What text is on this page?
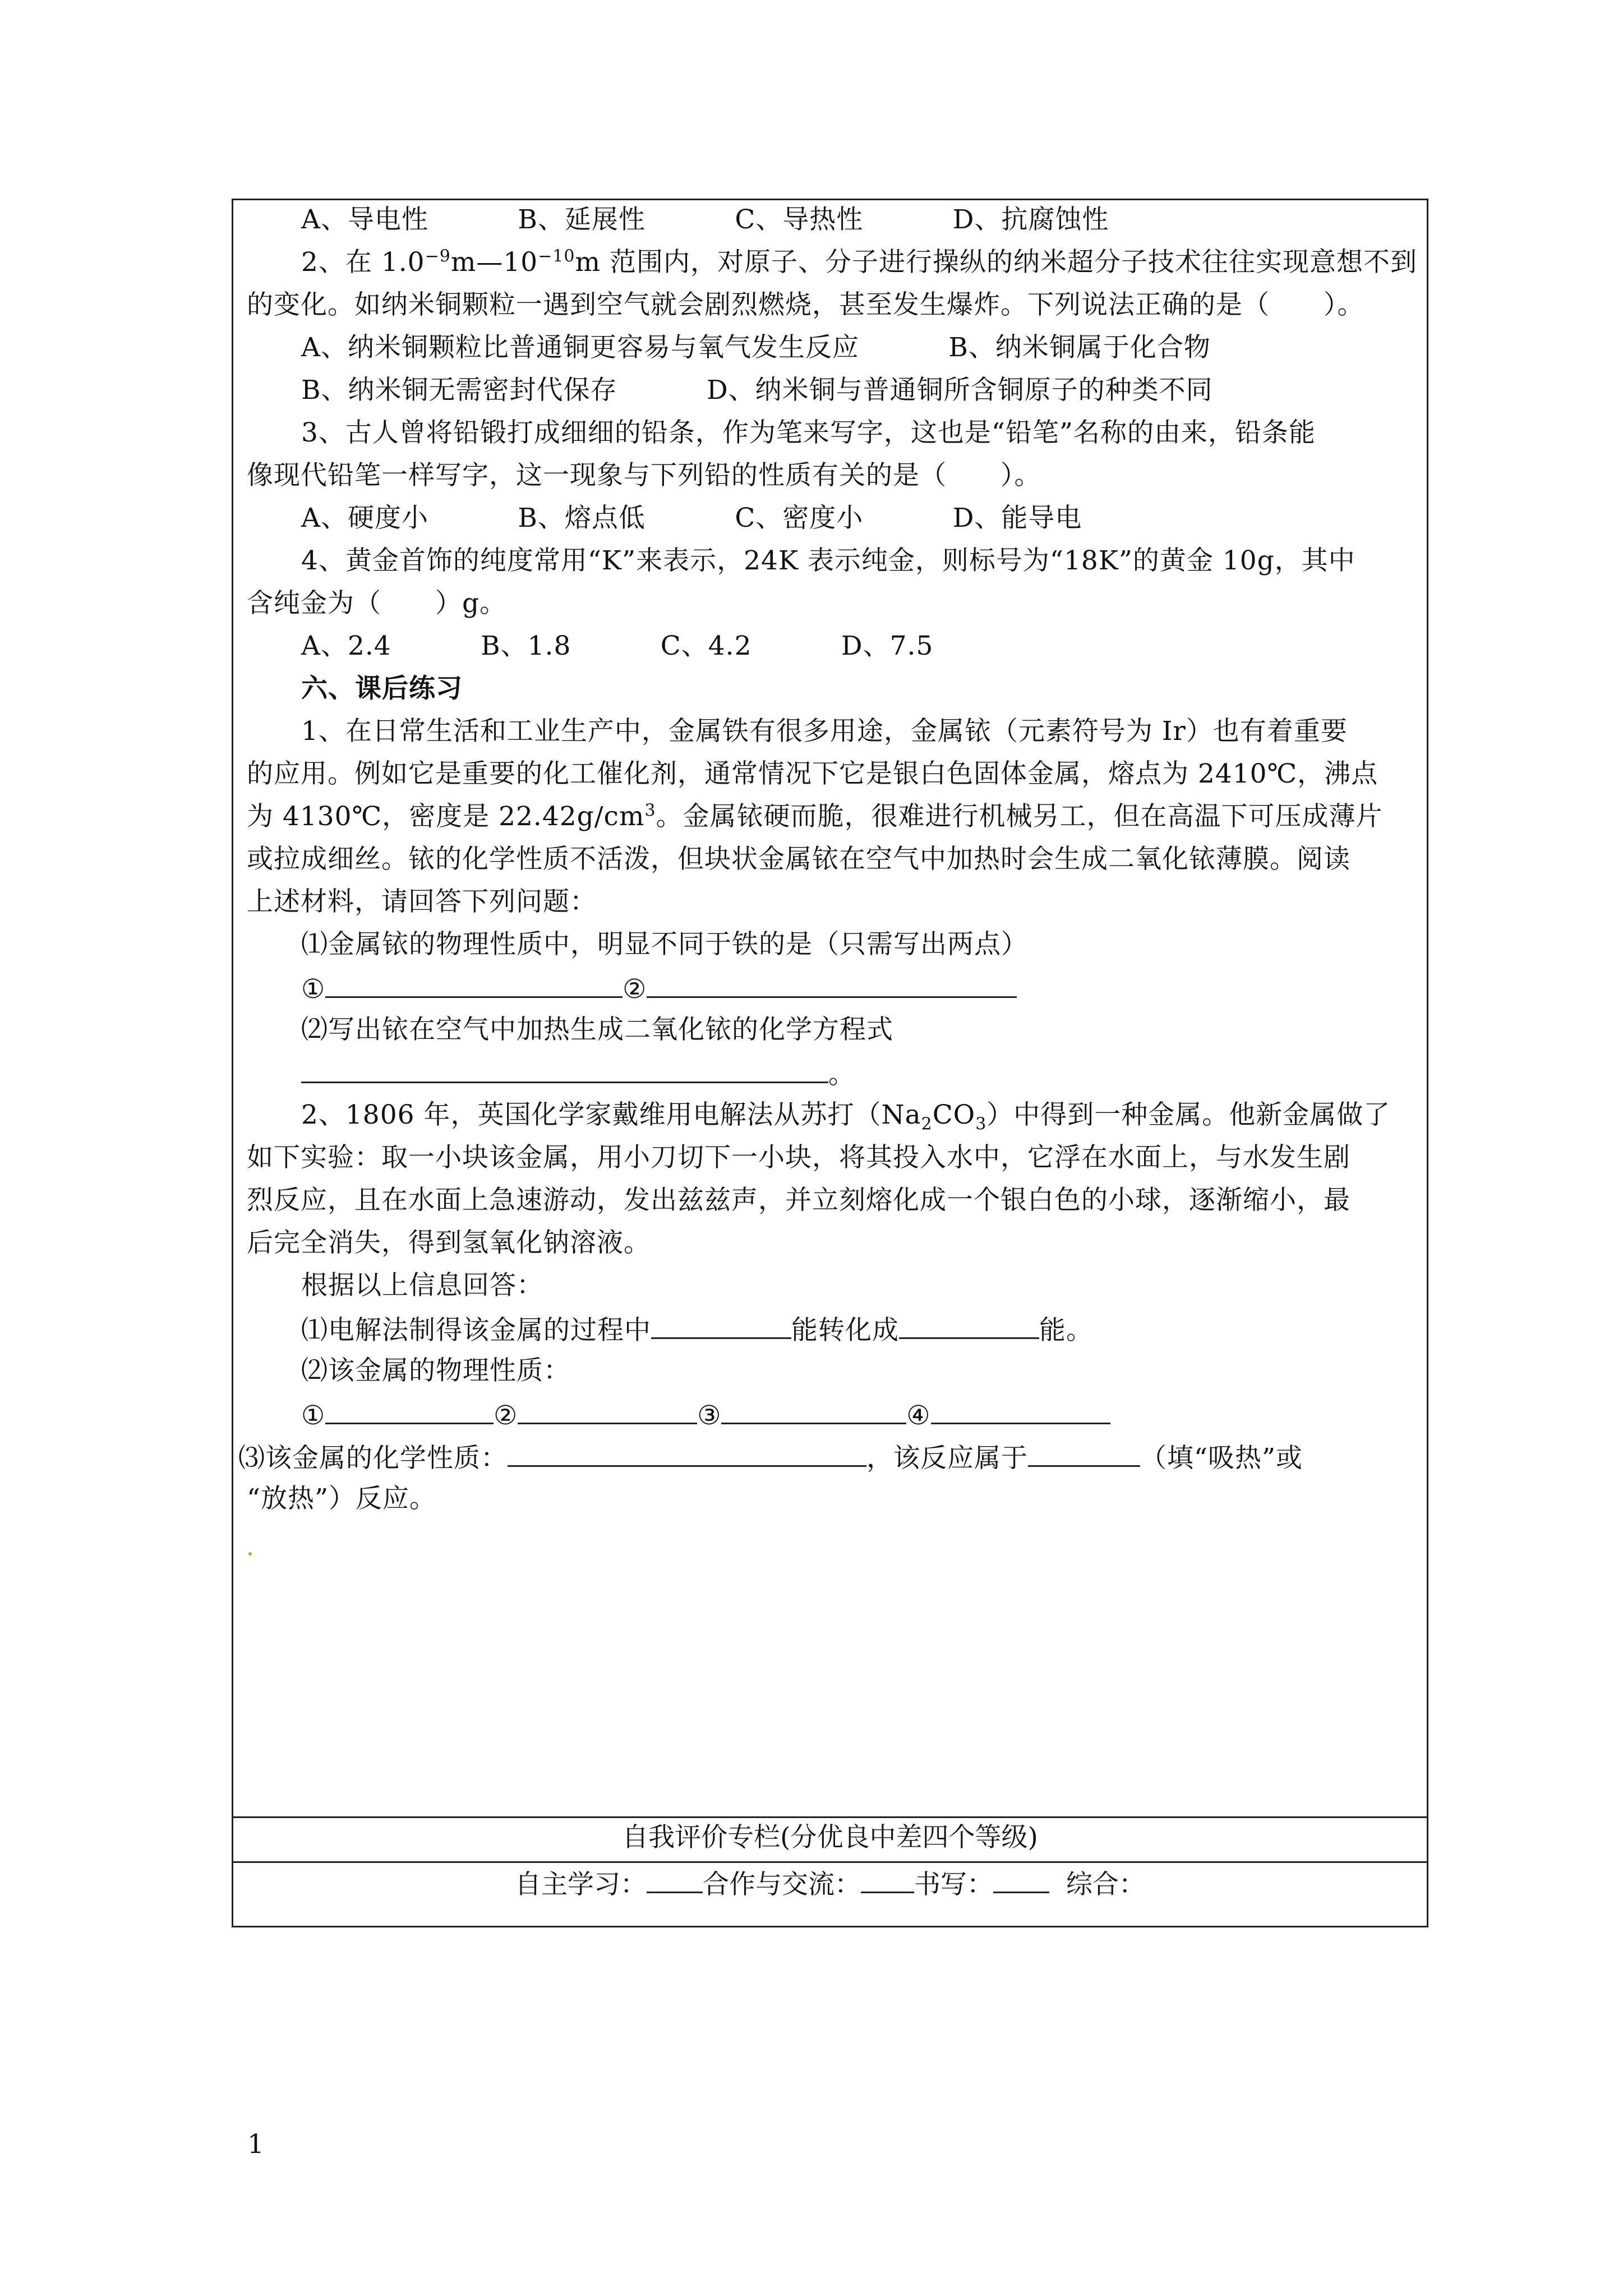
A、导电性	B、延展性	C、导热性	D、抗腐蚀性
2、在 $1.0^{-9}m—10^{-10}m$ 范围内，对原子、分子进行操纵的纳米超分子技术往往实现意想不到
的变化。如纳米铜颗粒一遇到空气就会剧烈燃烧，甚至发生爆炸。下列说法正确的是（　　）。
A、纳米铜颗粒比普通铜更容易与氧气发生反应	B、纳米铜属于化合物
B、纳米铜无需密封代保存	D、纳米铜与普通铜所含铜原子的种类不同
3、古人曾将铅锻打成细细的铅条，作为笔来写字，这也是“铅笔”名称的由来，铅条能
像现代铅笔一样写字，这一现象与下列铅的性质有关的是（　　）。
A、硬度小	B、熔点低	C、密度小	D、能导电
4、黄金首饰的纯度常用“K”来表示，24K 表示纯金，则标号为“18K”的黄金 10g，其中
含纯金为（　　）g。
A、2.4	B、1.8	C、4.2	D、7.5
六、课后练习
1、在日常生活和工业生产中，金属铁有很多用途，金属铱（元素符号为 Ir）也有着重要
的应用。例如它是重要的化工催化剂，通常情况下它是银白色固体金属，熔点为 2410℃，沸点
为 4130℃，密度是 $22.42g/cm^3$。金属铱硬而脆，很难进行机械另工，但在高温下可压成薄片
或拉成细丝。铱的化学性质不活泼，但块状金属铱在空气中加热时会生成二氧化铱薄膜。阅读
上述材料，请回答下列问题：
⑴金属铱的物理性质中，明显不同于铁的是（只需写出两点）
①	②
⑵写出铱在空气中加热生成二氧化铱的化学方程式
。
2、1806 年，英国化学家戴维用电解法从苏打$(Na_2CO_3)$中得到一种金属。他新金属做了
如下实验：取一小块该金属，用小刀切下一小块，将其投入水中，它浮在水面上，与水发生剧
烈反应，且在水面上急速游动，发出兹兹声，并立刻熔化成一个银白色的小球，逐渐缩小，最
后完全消失，得到氢氧化钠溶液。
根据以上信息回答：
⑴电解法制得该金属的过程中	能转化成	能。
⑵该金属的物理性质：
①	②	③	④
⑶该金属的化学性质：	，该反应属于	（填“吸热”或
“放热”）反应。
自我评价专栏(分优良中差四个等级)
自主学习： 合作与交流： 书写：	综合：
1
